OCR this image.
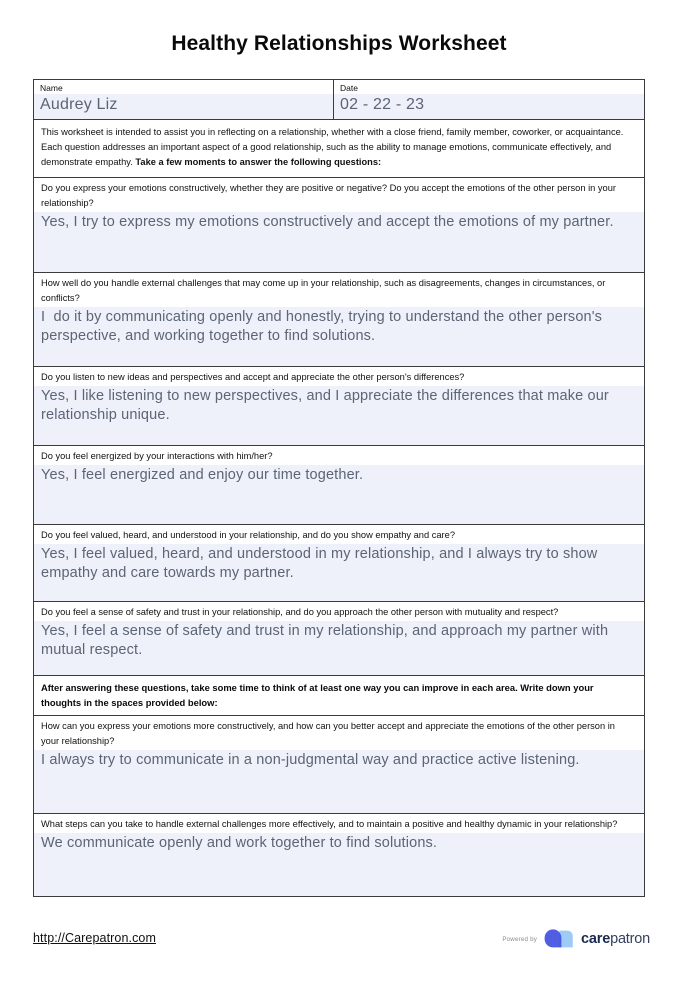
Healthy Relationships Worksheet
Name
Audrey Liz
Date
02 - 22 - 23

This worksheet is intended to assist you in reflecting on a relationship, whether with a close friend, family member, coworker, or acquaintance. Each question addresses an important aspect of a good relationship, such as the ability to manage emotions, communicate effectively, and demonstrate empathy. Take a few moments to answer the following questions:

Do you express your emotions constructively, whether they are positive or negative? Do you accept the emotions of the other person in your relationship?
Yes, I try to express my emotions constructively and accept the emotions of my partner.
How well do you handle external challenges that may come up in your relationship, such as disagreements, changes in circumstances, or conflicts?
I  do it by communicating openly and honestly, trying to understand the other person's perspective, and working together to find solutions.
Do you listen to new ideas and perspectives and accept and appreciate the other person's differences?
Yes, I like listening to new perspectives, and I appreciate the differences that make our relationship unique.
Do you feel energized by your interactions with him/her?
Yes, I feel energized and enjoy our time together.
Do you feel valued, heard, and understood in your relationship, and do you show empathy and care?
Yes, I feel valued, heard, and understood in my relationship, and I always try to show empathy and care towards my partner.
Do you feel a sense of safety and trust in your relationship, and do you approach the other person with mutuality and respect?
Yes, I feel a sense of safety and trust in my relationship, and approach my partner with mutual respect.

After answering these questions, take some time to think of at least one way you can improve in each area. Write down your thoughts in the spaces provided below:

How can you express your emotions more constructively, and how can you better accept and appreciate the emotions of the other person in your relationship?
I always try to communicate in a non-judgmental way and practice active listening.
What steps can you take to handle external challenges more effectively, and to maintain a positive and healthy dynamic in your relationship?
We communicate openly and work together to find solutions.
http://Carepatron.com	Powered by	carepatron
